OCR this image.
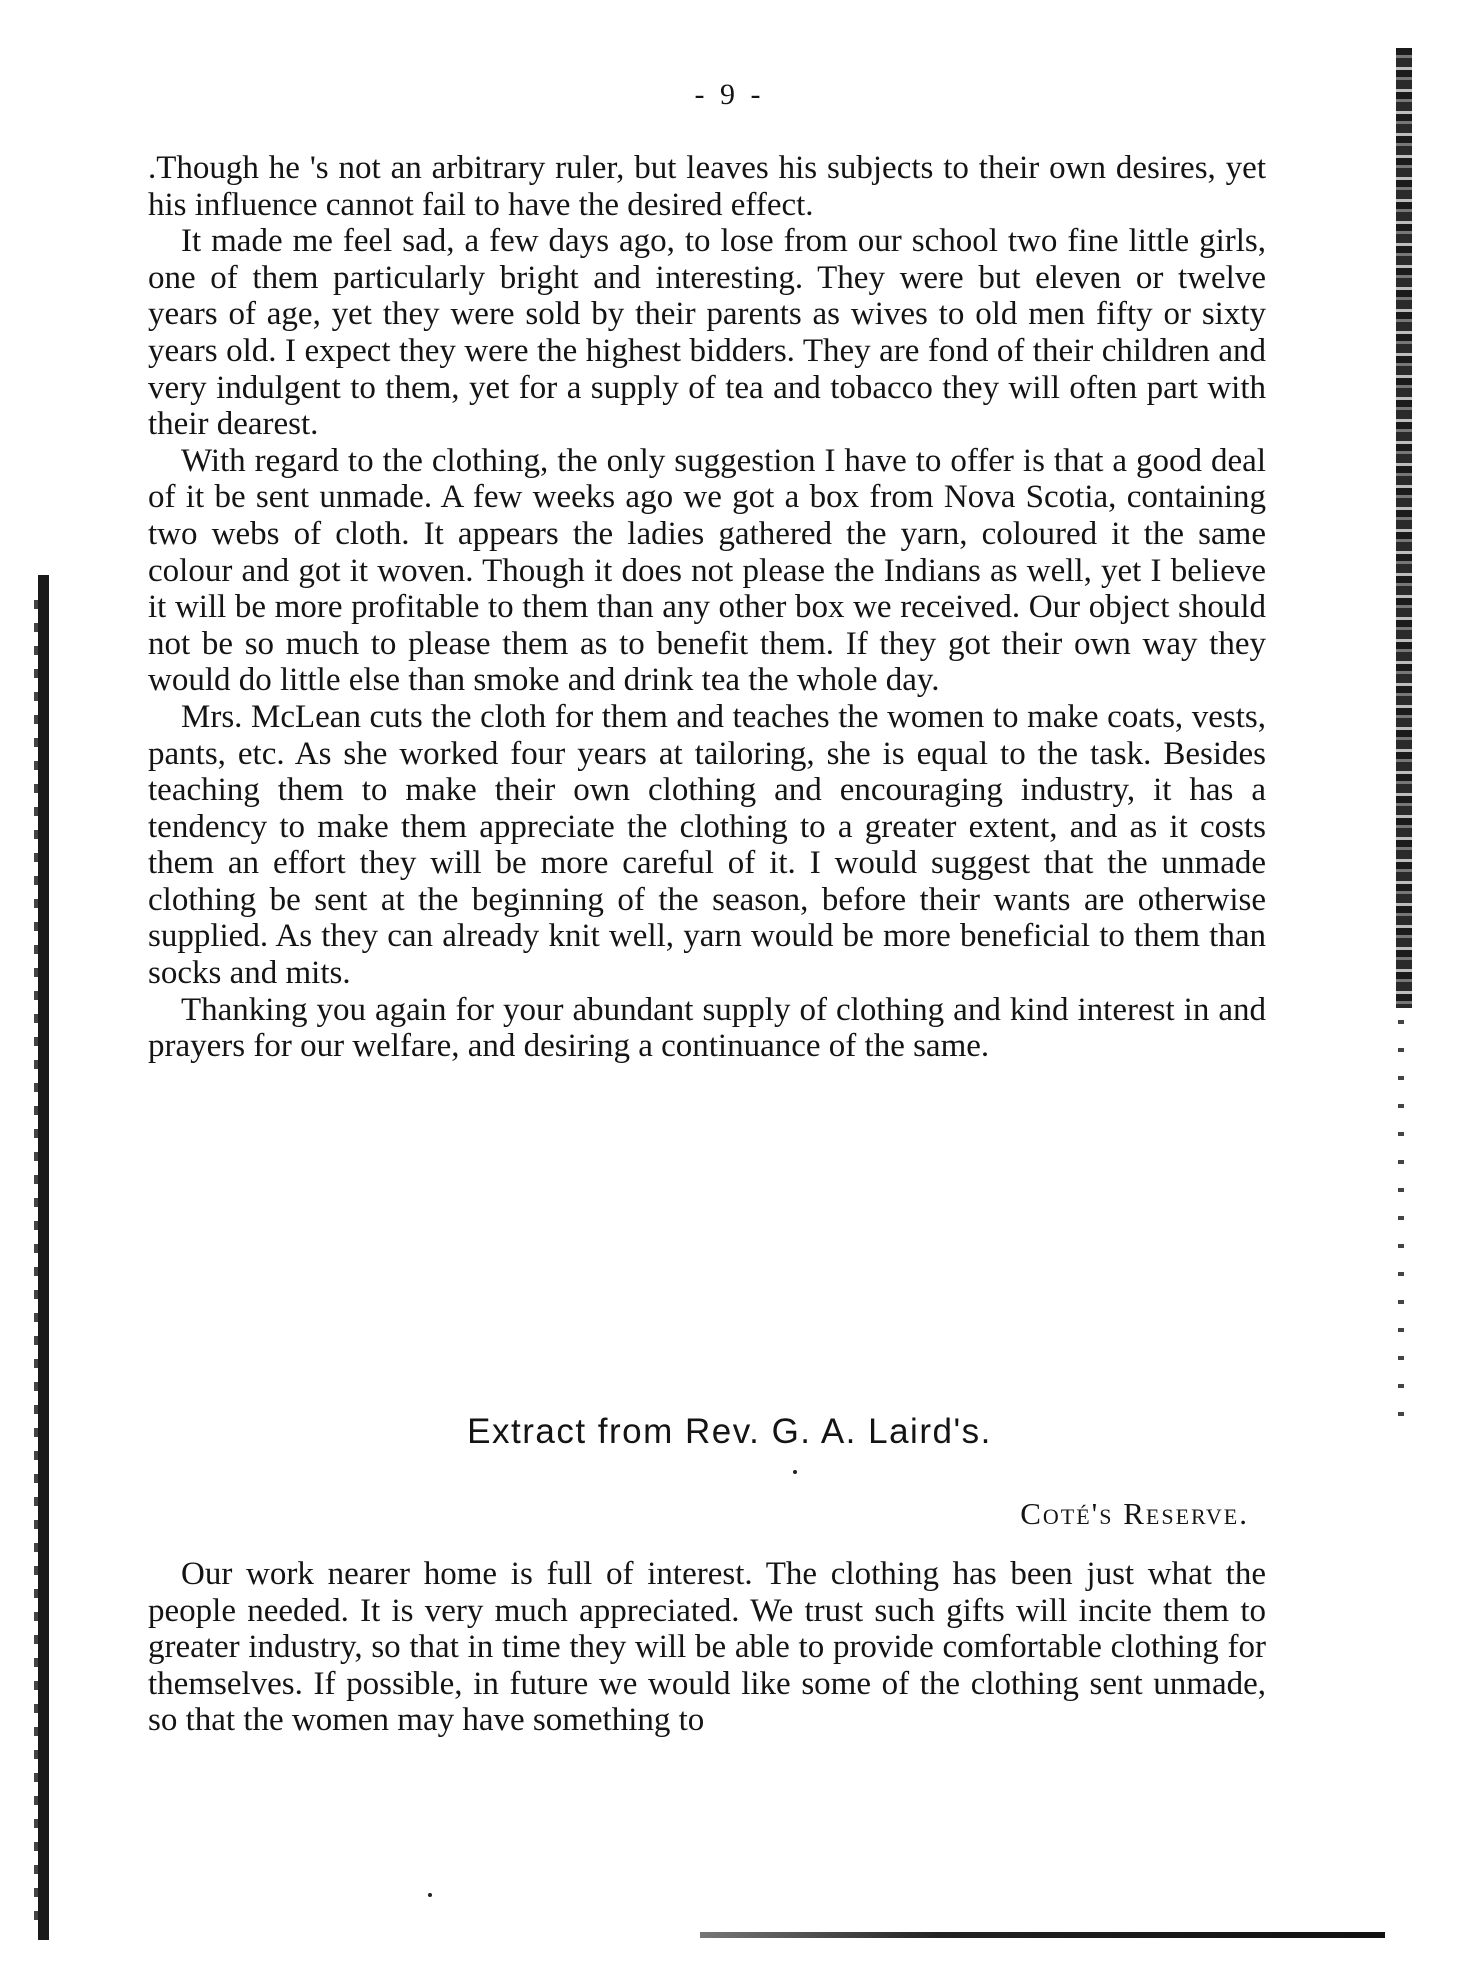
- 9 -

.Though he 's not an arbitrary ruler, but leaves his subjects to their own desires, yet his influence cannot fail to have the desired effect.

It made me feel sad, a few days ago, to lose from our school two fine little girls, one of them particularly bright and interesting. They were but eleven or twelve years of age, yet they were sold by their parents as wives to old men fifty or sixty years old. I expect they were the highest bidders. They are fond of their children and very indulgent to them, yet for a supply of tea and tobacco they will often part with their dearest.

With regard to the clothing, the only suggestion I have to offer is that a good deal of it be sent unmade. A few weeks ago we got a box from Nova Scotia, containing two webs of cloth. It appears the ladies gathered the yarn, coloured it the same colour and got it woven. Though it does not please the Indians as well, yet I believe it will be more profitable to them than any other box we received. Our object should not be so much to please them as to benefit them. If they got their own way they would do little else than smoke and drink tea the whole day.

Mrs. McLean cuts the cloth for them and teaches the women to make coats, vests, pants, etc. As she worked four years at tailoring, she is equal to the task. Besides teaching them to make their own clothing and encouraging industry, it has a tendency to make them appreciate the clothing to a greater extent, and as it costs them an effort they will be more careful of it. I would suggest that the unmade clothing be sent at the beginning of the season, before their wants are otherwise supplied. As they can already knit well, yarn would be more beneficial to them than socks and mits.

Thanking you again for your abundant supply of clothing and kind interest in and prayers for our welfare, and desiring a continuance of the same.

Extract from Rev. G. A. Laird's.
Coté's Reserve.

Our work nearer home is full of interest. The clothing has been just what the people needed. It is very much appreciated. We trust such gifts will incite them to greater industry, so that in time they will be able to provide comfortable clothing for themselves. If possible, in future we would like some of the clothing sent unmade, so that the women may have something to
